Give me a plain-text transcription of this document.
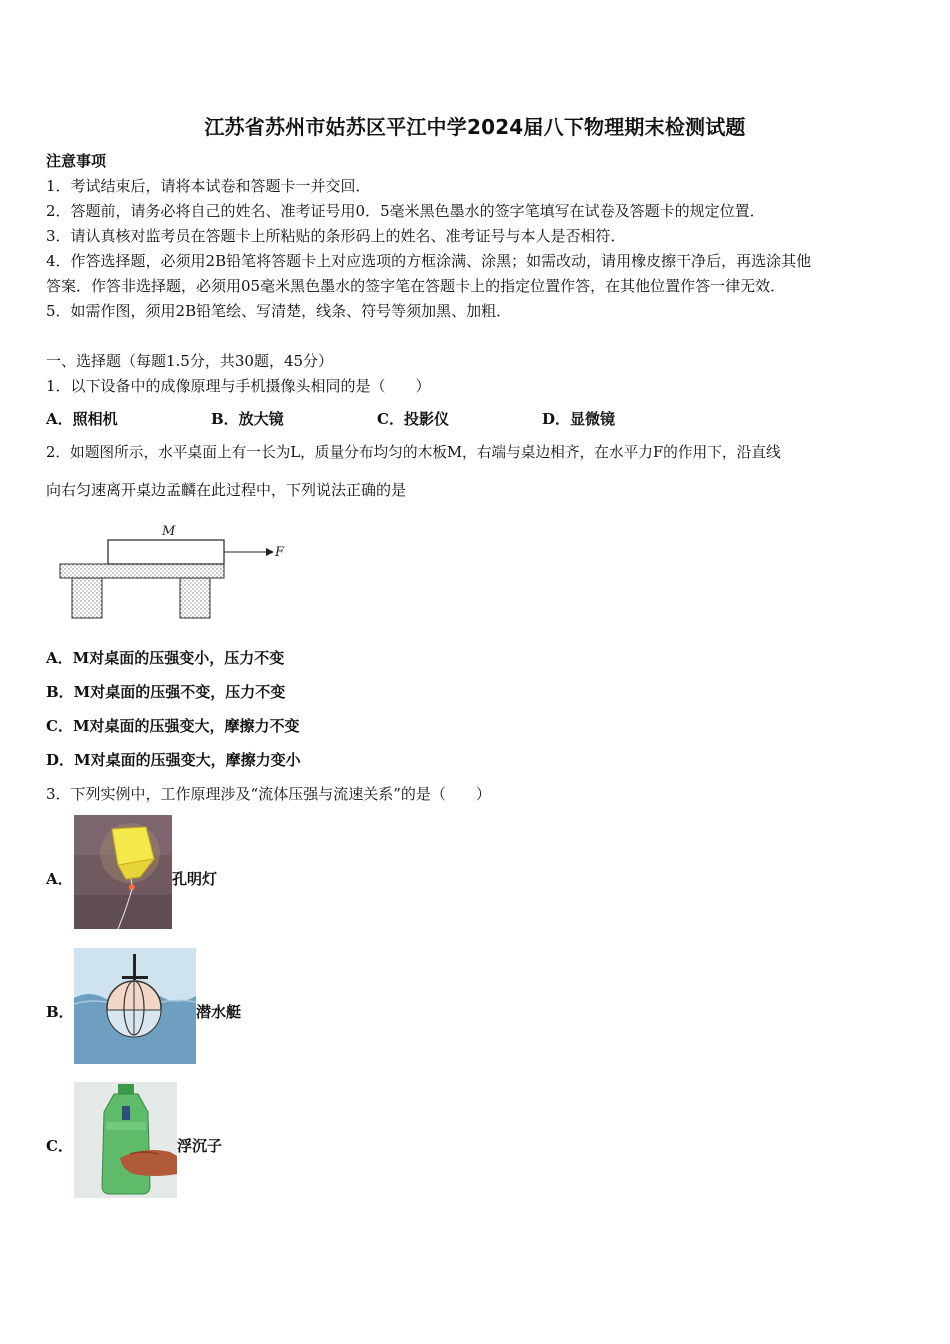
江苏省苏州市姑苏区平江中学2024届八下物理期末检测试题
注意事项
1．考试结束后，请将本试卷和答题卡一并交回．
2．答题前，请务必将自己的姓名、准考证号用0．5毫米黑色墨水的签字笔填写在试卷及答题卡的规定位置．
3．请认真核对监考员在答题卡上所粘贴的条形码上的姓名、准考证号与本人是否相符．
4．作答选择题，必须用2B铅笔将答题卡上对应选项的方框涂满、涂黑；如需改动，请用橡皮擦干净后，再选涂其他
答案．作答非选择题，必须用05毫米黑色墨水的签字笔在答题卡上的指定位置作答，在其他位置作答一律无效．
5．如需作图，须用2B铅笔绘、写清楚，线条、符号等须加黑、加粗．
一、选择题（每题1.5分，共30题，45分）
1．以下设备中的成像原理与手机摄像头相同的是（　　）
A．照相机	B．放大镜	C．投影仪	D．显微镜
2．如题图所示，水平桌面上有一长为L，质量分布均匀的木板M，右端与桌边相齐，在水平力F的作用下，沿直线
向右匀速离开桌边孟麟在此过程中，下列说法正确的是
M
F
A．M对桌面的压强变小，压力不变
B．M对桌面的压强不变，压力不变
C．M对桌面的压强变大，摩擦力不变
D．M对桌面的压强变大，摩擦力变小
3．下列实例中，工作原理涉及“流体压强与流速关系”的是（　　）
A．	孔明灯
B．	潜水艇
C．	浮沉子
